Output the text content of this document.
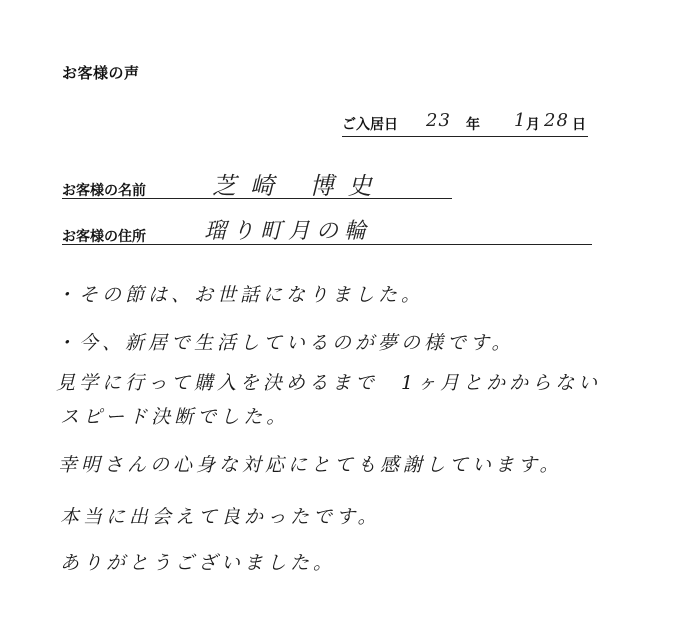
お客様の声
ご入居日 23 年 1 月 28 日
お客様の名前	芝崎 博史
お客様の住所	瑠り町月の輪
・その節は、お世話になりました。
・今、新居で生活しているのが夢の様です。
見学に行って購入を決めるまで　1ヶ月とかからない
スピード決断でした。
幸明さんの心身な対応にとても感謝しています。
本当に出会えて良かったです。
ありがとうございました。
